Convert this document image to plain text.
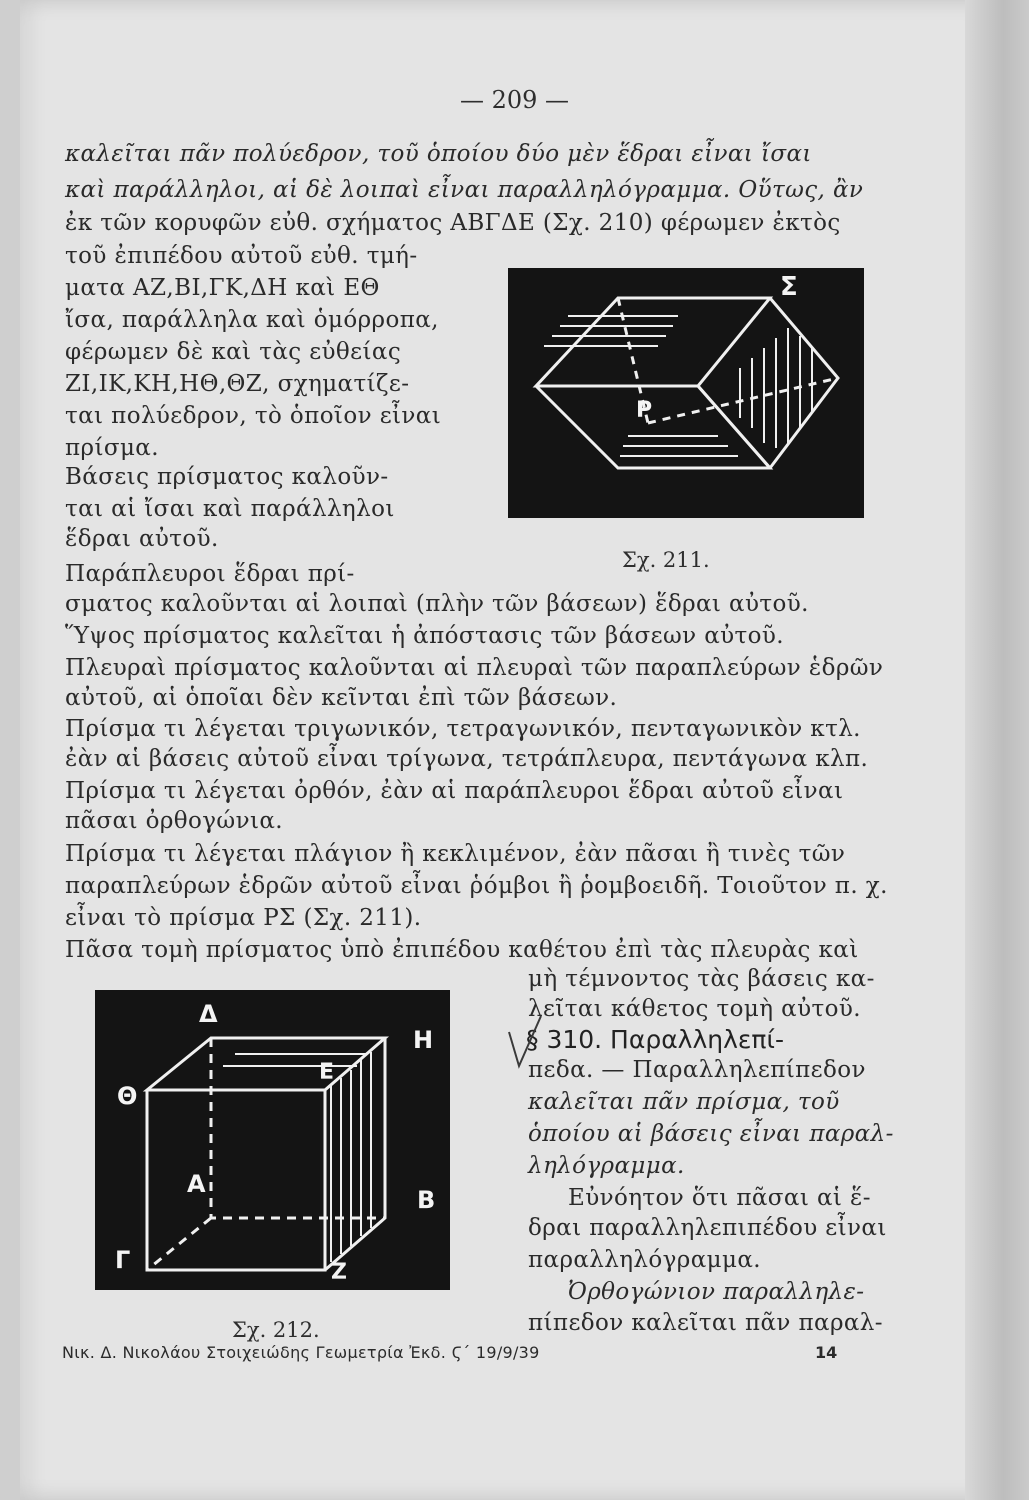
— 209 —
καλεῖται πᾶν πολύεδρον, τοῦ ὁποίου δύο μὲν ἕδραι εἶναι ἴσαι
καὶ παράλληλοι, αἱ δὲ λοιπαὶ εἶναι παραλληλόγραμμα. Οὕτως, ἂν
ἐκ τῶν κορυφῶν εὐθ. σχήματος ΑΒΓΔΕ (Σχ. 210) φέρωμεν ἐκτὸς
τοῦ ἐπιπέδου αὐτοῦ εὐθ. τμή-
ματα ΑΖ,ΒΙ,ΓΚ,ΔΗ καὶ ΕΘ
ἴσα, παράλληλα καὶ ὁμόρροπα,
φέρωμεν δὲ καὶ τὰς εὐθείας
ΖΙ,ΙΚ,ΚΗ,ΗΘ,ΘΖ, σχηματίζε-
ται πολύεδρον, τὸ ὁποῖον εἶναι
πρίσμα.
Βάσεις πρίσματος καλοῦν-
ται αἱ ἴσαι καὶ παράλληλοι
ἕδραι αὐτοῦ.
Παράπλευροι ἕδραι πρί-
σματος καλοῦνται αἱ λοιπαὶ (πλὴν τῶν βάσεων) ἕδραι αὐτοῦ.
Ὕψος πρίσματος καλεῖται ἡ ἀπόστασις τῶν βάσεων αὐτοῦ.
Πλευραὶ πρίσματος καλοῦνται αἱ πλευραὶ τῶν παραπλεύρων ἑδρῶν
αὐτοῦ, αἱ ὁποῖαι δὲν κεῖνται ἐπὶ τῶν βάσεων.
Πρίσμα τι λέγεται τριγωνικόν, τετραγωνικόν, πενταγωνικὸν κτλ.
ἐὰν αἱ βάσεις αὐτοῦ εἶναι τρίγωνα, τετράπλευρα, πεντάγωνα κλπ.
Πρίσμα τι λέγεται ὀρθόν, ἐὰν αἱ παράπλευροι ἕδραι αὐτοῦ εἶναι
πᾶσαι ὀρθογώνια.
Πρίσμα τι λέγεται πλάγιον ἢ κεκλιμένον, ἐὰν πᾶσαι ἢ τινὲς τῶν
παραπλεύρων ἑδρῶν αὐτοῦ εἶναι ῥόμβοι ἢ ῥομβοειδῆ. Τοιοῦτον π. χ.
εἶναι τὸ πρίσμα ΡΣ (Σχ. 211).
Πᾶσα τομὴ πρίσματος ὑπὸ ἐπιπέδου καθέτου ἐπὶ τὰς πλευρὰς καὶ
μὴ τέμνοντος τὰς βάσεις κα-
λεῖται κάθετος τομὴ αὐτοῦ.
§ 310. Παραλληλεπί-
πεδα. — Παραλληλεπίπεδον
καλεῖται πᾶν πρίσμα, τοῦ
ὁποίου αἱ βάσεις εἶναι παραλ-
ληλόγραμμα.
Εὐνόητον ὅτι πᾶσαι αἱ ἕ-
δραι παραλληλεπιπέδου εἶναι
παραλληλόγραμμα.
Ὀρθογώνιον παραλληλε-
πίπεδον καλεῖται πᾶν παραλ-
Σ
Ρ
Σχ. 211.
Δ
Η
Θ
Ε
Α
Β
Γ	Ζ
Σχ. 212.
Νικ. Δ. Νικολάου Στοιχειώδης Γεωμετρία Ἐκδ. Ϛ΄ 19/9/39	14
